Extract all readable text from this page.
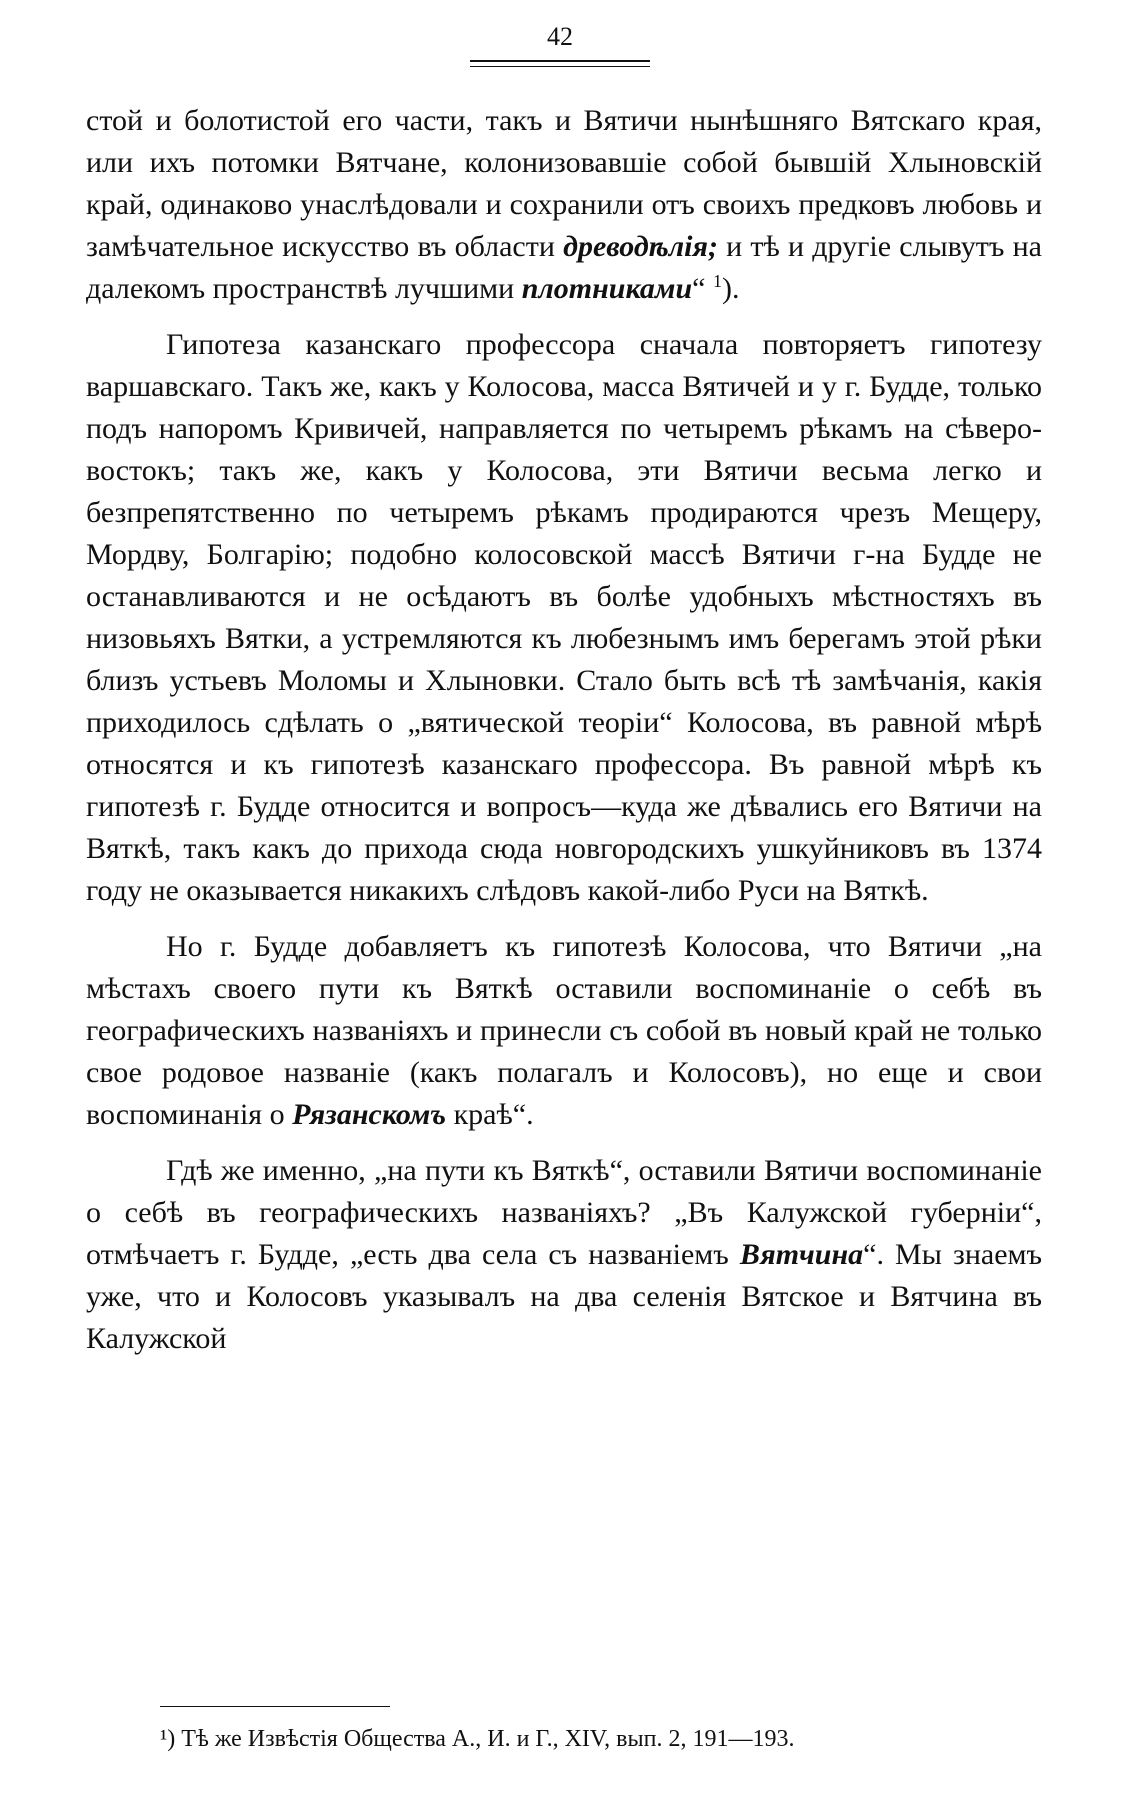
42

стой и болотистой его части, такъ и Вятичи нынѣшняго Вятскаго края, или ихъ потомки Вятчане, колонизовавшіе собой бывшій Хлыновскій край, одинаково унаслѣдовали и сохранили отъ своихъ предковъ любовь и замѣчательное искусство въ области древодѣлія; и тѣ и другіе слывутъ на далекомъ пространствѣ лучшими плотниками“ $^1$).

Гипотеза казанскаго профессора сначала повторяетъ гипотезу варшавскаго. Такъ же, какъ у Колосова, масса Вятичей и у г. Будде, только подъ напоромъ Кривичей, направляется по четыремъ рѣкамъ на сѣверо-востокъ; такъ же, какъ у Колосова, эти Вятичи весьма легко и безпрепятственно по четыремъ рѣкамъ продираются чрезъ Мещеру, Мордву, Болгарію; подобно колосовской массѣ Вятичи г-на Будде не останавливаются и не осѣдаютъ въ болѣе удобныхъ мѣстностяхъ въ низовьяхъ Вятки, а устремляются къ любезнымъ имъ берегамъ этой рѣки близъ устьевъ Моломы и Хлыновки. Стало быть всѣ тѣ замѣчанія, какія приходилось сдѣлать о „вятической теоріи“ Колосова, въ равной мѣрѣ относятся и къ гипотезѣ казанскаго профессора. Въ равной мѣрѣ къ гипотезѣ г. Будде относится и вопросъ—куда же дѣвались его Вятичи на Вяткѣ, такъ какъ до прихода сюда новгородскихъ ушкуйниковъ въ 1374 году не оказывается никакихъ слѣдовъ какой-либо Руси на Вяткѣ.

Но г. Будде добавляетъ къ гипотезѣ Колосова, что Вятичи „на мѣстахъ своего пути къ Вяткѣ оставили воспоминаніе о себѣ въ географическихъ названіяхъ и принесли съ собой въ новый край не только свое родовое названіе (какъ полагалъ и Колосовъ), но еще и свои воспоминанія о Рязанскомъ краѣ“.

Гдѣ же именно, „на пути къ Вяткѣ“, оставили Вятичи воспоминаніе о себѣ въ географическихъ названіяхъ? „Въ Калужской губерніи“, отмѣчаетъ г. Будде, „есть два села съ названіемъ Вятчина“. Мы знаемъ уже, что и Колосовъ указывалъ на два селенія Вятское и Вятчина въ Калужской

¹) Тѣ же Извѣстія Общества А., И. и Г., XIV, вып. 2, 191—193.
